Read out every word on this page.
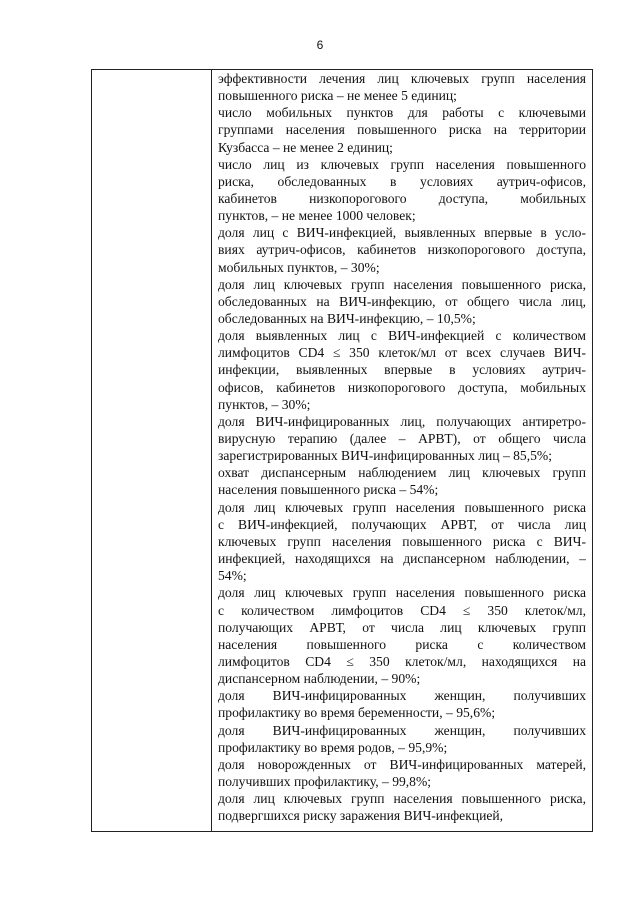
6
эффективности лечения лиц ключевых групп населения
повышенного риска – не менее 5 единиц;
число мобильных пунктов для работы с ключевыми
группами населения повышенного риска на территории
Кузбасса – не менее 2 единиц;
число лиц из ключевых групп населения повышенного
риска, обследованных в условиях аутрич-офисов,
кабинетов низкопорогового доступа, мобильных
пунктов, – не менее 1000 человек;
доля лиц с ВИЧ-инфекцией, выявленных впервые в усло-
виях аутрич-офисов, кабинетов низкопорогового доступа,
мобильных пунктов, – 30%;
доля лиц ключевых групп населения повышенного риска,
обследованных на ВИЧ-инфекцию, от общего числа лиц,
обследованных на ВИЧ-инфекцию, – 10,5%;
доля выявленных лиц с ВИЧ-инфекцией с количеством
лимфоцитов CD4 ≤ 350 клеток/мл от всех случаев ВИЧ-
инфекции, выявленных впервые в условиях аутрич-
офисов, кабинетов низкопорогового доступа, мобильных
пунктов, – 30%;
доля ВИЧ-инфицированных лиц, получающих антиретро-
вирусную терапию (далее – АРВТ), от общего числа
зарегистрированных ВИЧ-инфицированных лиц – 85,5%;
охват диспансерным наблюдением лиц ключевых групп
населения повышенного риска – 54%;
доля лиц ключевых групп населения повышенного риска
с ВИЧ-инфекцией, получающих АРВТ, от числа лиц
ключевых групп населения повышенного риска с ВИЧ-
инфекцией, находящихся на диспансерном наблюдении, –
54%;
доля лиц ключевых групп населения повышенного риска
с количеством лимфоцитов CD4 ≤ 350 клеток/мл,
получающих АРВТ, от числа лиц ключевых групп
населения повышенного риска с количеством
лимфоцитов CD4 ≤ 350 клеток/мл, находящихся на
диспансерном наблюдении, – 90%;
доля ВИЧ-инфицированных женщин, получивших
профилактику во время беременности, – 95,6%;
доля ВИЧ-инфицированных женщин, получивших
профилактику во время родов, – 95,9%;
доля новорожденных от ВИЧ-инфицированных матерей,
получивших профилактику, – 99,8%;
доля лиц ключевых групп населения повышенного риска,
подвергшихся риску заражения ВИЧ-инфекцией,
